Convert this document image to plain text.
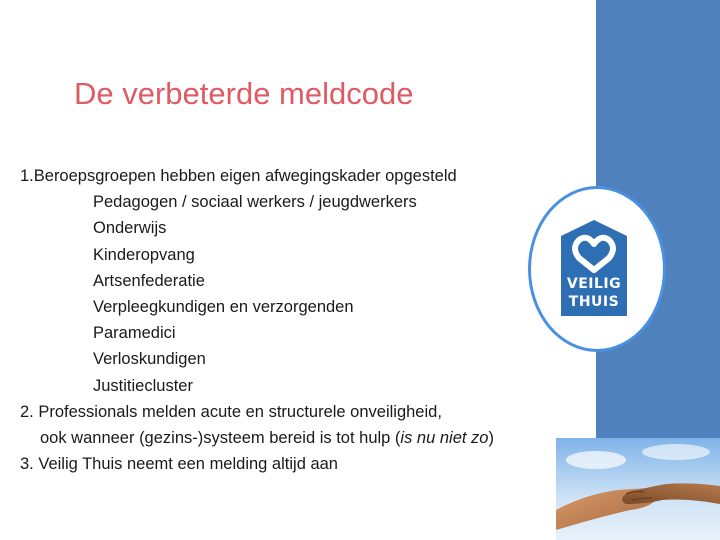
De verbeterde meldcode
1.Beroepsgroepen hebben eigen afwegingskader opgesteld
Pedagogen / sociaal werkers / jeugdwerkers
Onderwijs
Kinderopvang
Artsenfederatie
Verpleegkundigen en verzorgenden
Paramedici
Verloskundigen
Justitiecluster
2. Professionals melden acute en structurele onveiligheid,
ook wanneer (gezins-)systeem bereid is tot hulp (is nu niet zo)
3. Veilig Thuis neemt een melding altijd aan
VEILIG
THUIS
